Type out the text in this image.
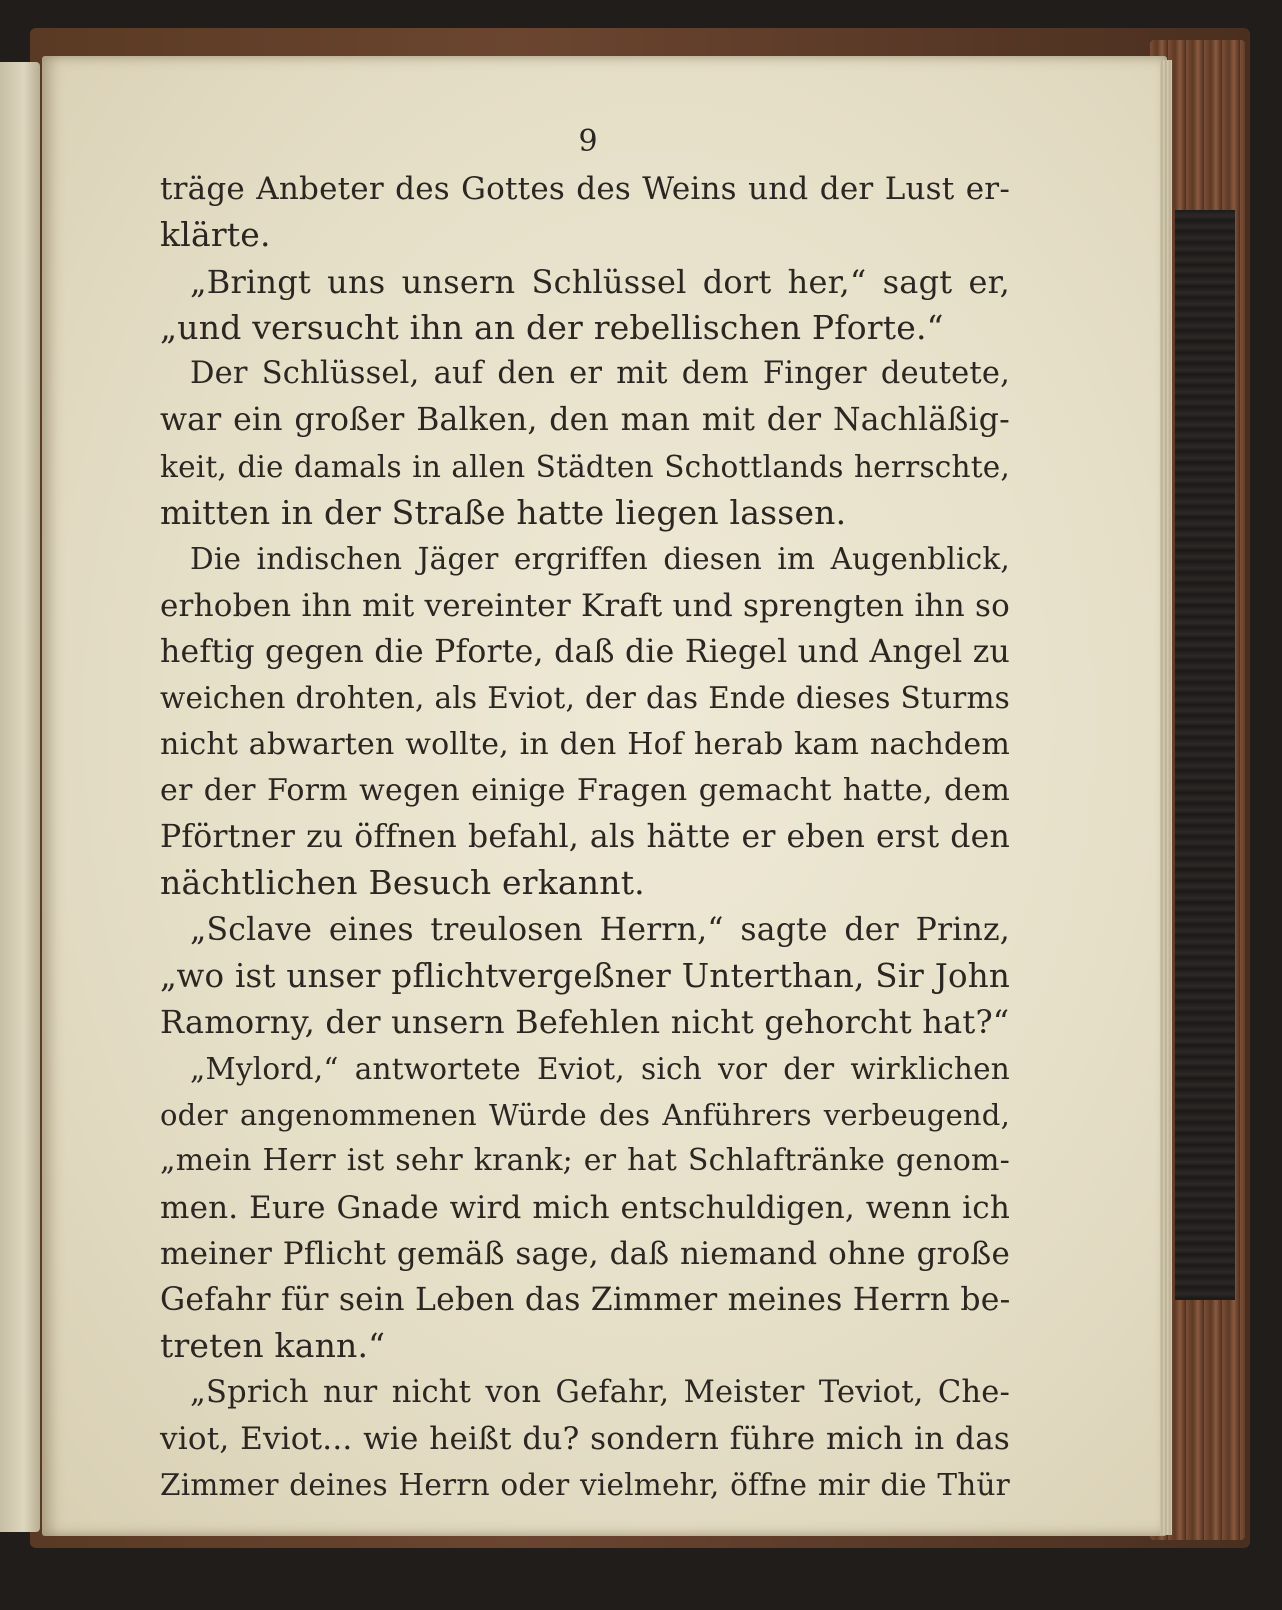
9

träge Anbeter des Gottes des Weins und der Lust er-
klärte.
„Bringt uns unsern Schlüssel dort her,“ sagt er,
„und versucht ihn an der rebellischen Pforte.“
Der Schlüssel, auf den er mit dem Finger deutete,
war ein großer Balken, den man mit der Nachläßig-
keit, die damals in allen Städten Schottlands herrschte,
mitten in der Straße hatte liegen lassen.
Die indischen Jäger ergriffen diesen im Augenblick,
erhoben ihn mit vereinter Kraft und sprengten ihn so
heftig gegen die Pforte, daß die Riegel und Angel zu
weichen drohten, als Eviot, der das Ende dieses Sturms
nicht abwarten wollte, in den Hof herab kam nachdem
er der Form wegen einige Fragen gemacht hatte, dem
Pförtner zu öffnen befahl, als hätte er eben erst den
nächtlichen Besuch erkannt.
„Sclave eines treulosen Herrn,“ sagte der Prinz,
„wo ist unser pflichtvergeßner Unterthan, Sir John
Ramorny, der unsern Befehlen nicht gehorcht hat?“
„Mylord,“ antwortete Eviot, sich vor der wirklichen
oder angenommenen Würde des Anführers verbeugend,
„mein Herr ist sehr krank; er hat Schlaftränke genom-
men. Eure Gnade wird mich entschuldigen, wenn ich
meiner Pflicht gemäß sage, daß niemand ohne große
Gefahr für sein Leben das Zimmer meines Herrn be-
treten kann.“
„Sprich nur nicht von Gefahr, Meister Teviot, Che-
viot, Eviot... wie heißt du? sondern führe mich in das
Zimmer deines Herrn oder vielmehr, öffne mir die Thür
